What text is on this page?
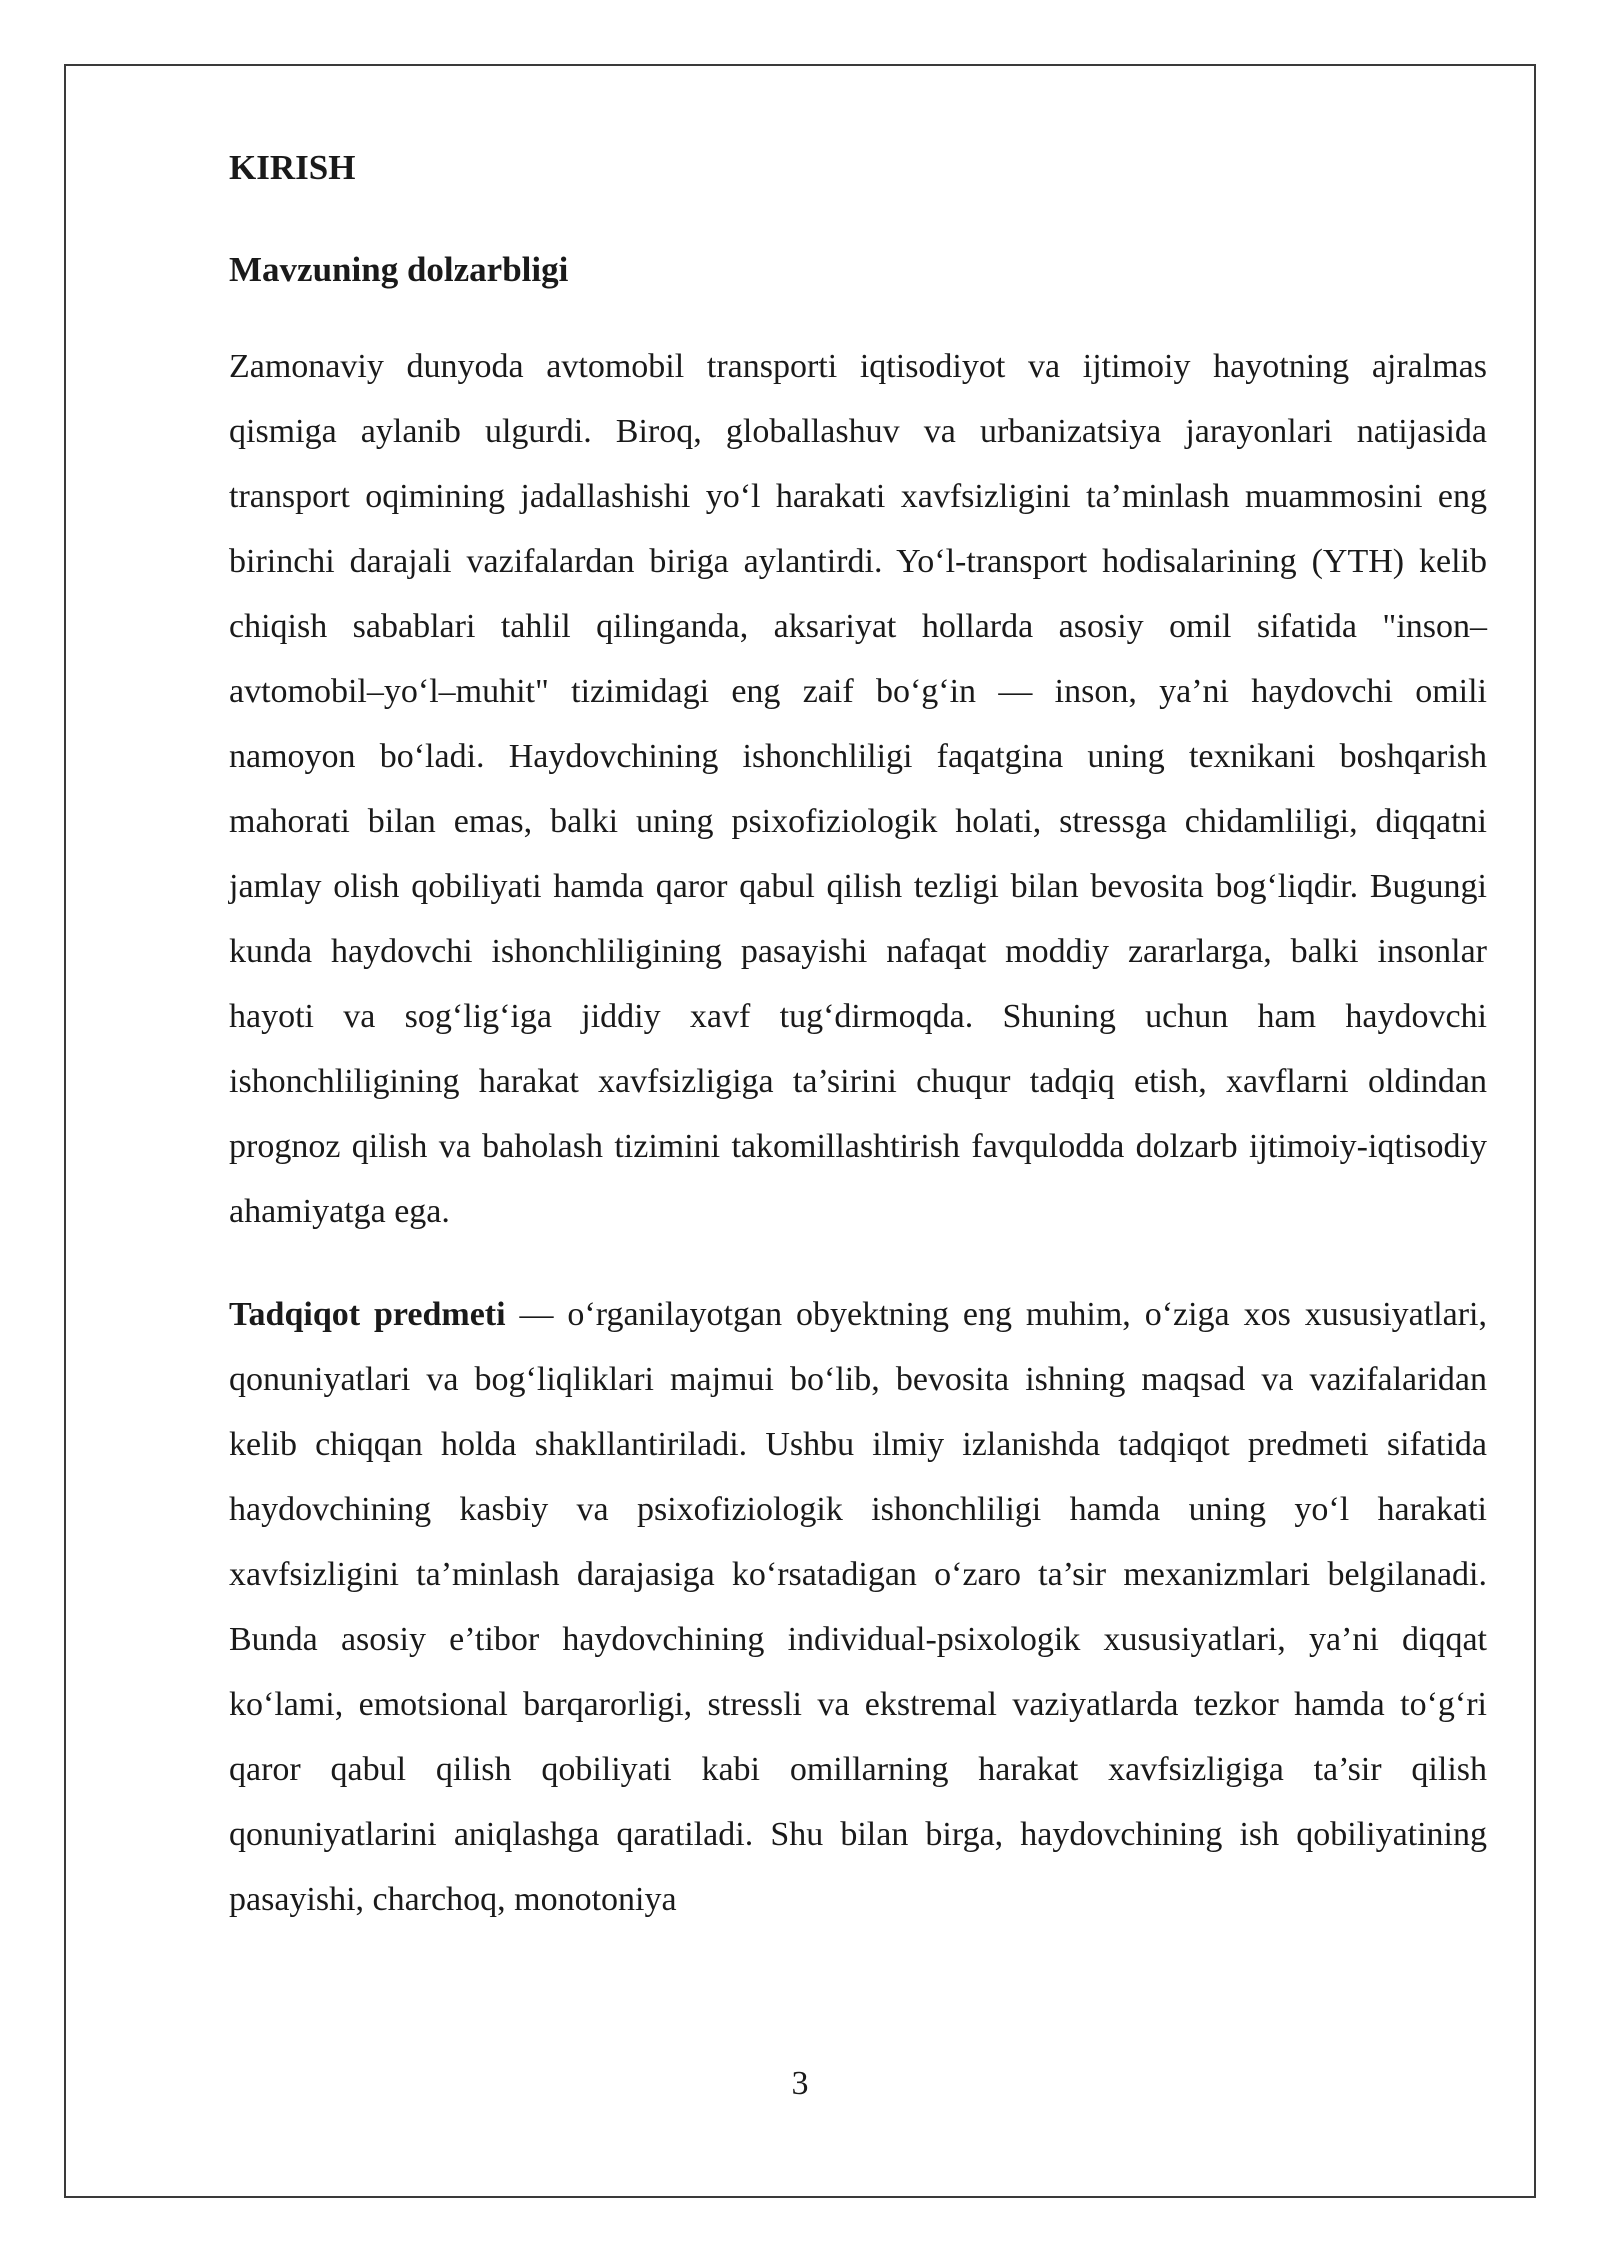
KIRISH
Mavzuning dolzarbligi

Zamonaviy dunyoda avtomobil transporti iqtisodiyot va ijtimoiy hayotning ajralmas qismiga aylanib ulgurdi. Biroq, globallashuv va urbanizatsiya jarayonlari natijasida transport oqimining jadallashishi yo‘l harakati xavfsizligini ta’minlash muammosini eng birinchi darajali vazifalardan biriga aylantirdi. Yo‘l-transport hodisalarining (YTH) kelib chiqish sabablari tahlil qilinganda, aksariyat hollarda asosiy omil sifatida "inson–avtomobil–yo‘l–muhit" tizimidagi eng zaif bo‘g‘in — inson, ya’ni haydovchi omili namoyon bo‘ladi. Haydovchining ishonchliligi faqatgina uning texnikani boshqarish mahorati bilan emas, balki uning psixofiziologik holati, stressga chidamliligi, diqqatni jamlay olish qobiliyati hamda qaror qabul qilish tezligi bilan bevosita bog‘liqdir. Bugungi kunda haydovchi ishonchliligining pasayishi nafaqat moddiy zararlarga, balki insonlar hayoti va sog‘lig‘iga jiddiy xavf tug‘dirmoqda. Shuning uchun ham haydovchi ishonchliligining harakat xavfsizligiga ta’sirini chuqur tadqiq etish, xavflarni oldindan prognoz qilish va baholash tizimini takomillashtirish favqulodda dolzarb ijtimoiy-iqtisodiy ahamiyatga ega.

Tadqiqot predmeti — o‘rganilayotgan obyektning eng muhim, o‘ziga xos xususiyatlari, qonuniyatlari va bog‘liqliklari majmui bo‘lib, bevosita ishning maqsad va vazifalaridan kelib chiqqan holda shakllantiriladi. Ushbu ilmiy izlanishda tadqiqot predmeti sifatida haydovchining kasbiy va psixofiziologik ishonchliligi hamda uning yo‘l harakati xavfsizligini ta’minlash darajasiga ko‘rsatadigan o‘zaro ta’sir mexanizmlari belgilanadi. Bunda asosiy e’tibor haydovchining individual-psixologik xususiyatlari, ya’ni diqqat ko‘lami, emotsional barqarorligi, stressli va ekstremal vaziyatlarda tezkor hamda to‘g‘ri qaror qabul qilish qobiliyati kabi omillarning harakat xavfsizligiga ta’sir qilish qonuniyatlarini aniqlashga qaratiladi. Shu bilan birga, haydovchining ish qobiliyatining pasayishi, charchoq, monotoniya

3
